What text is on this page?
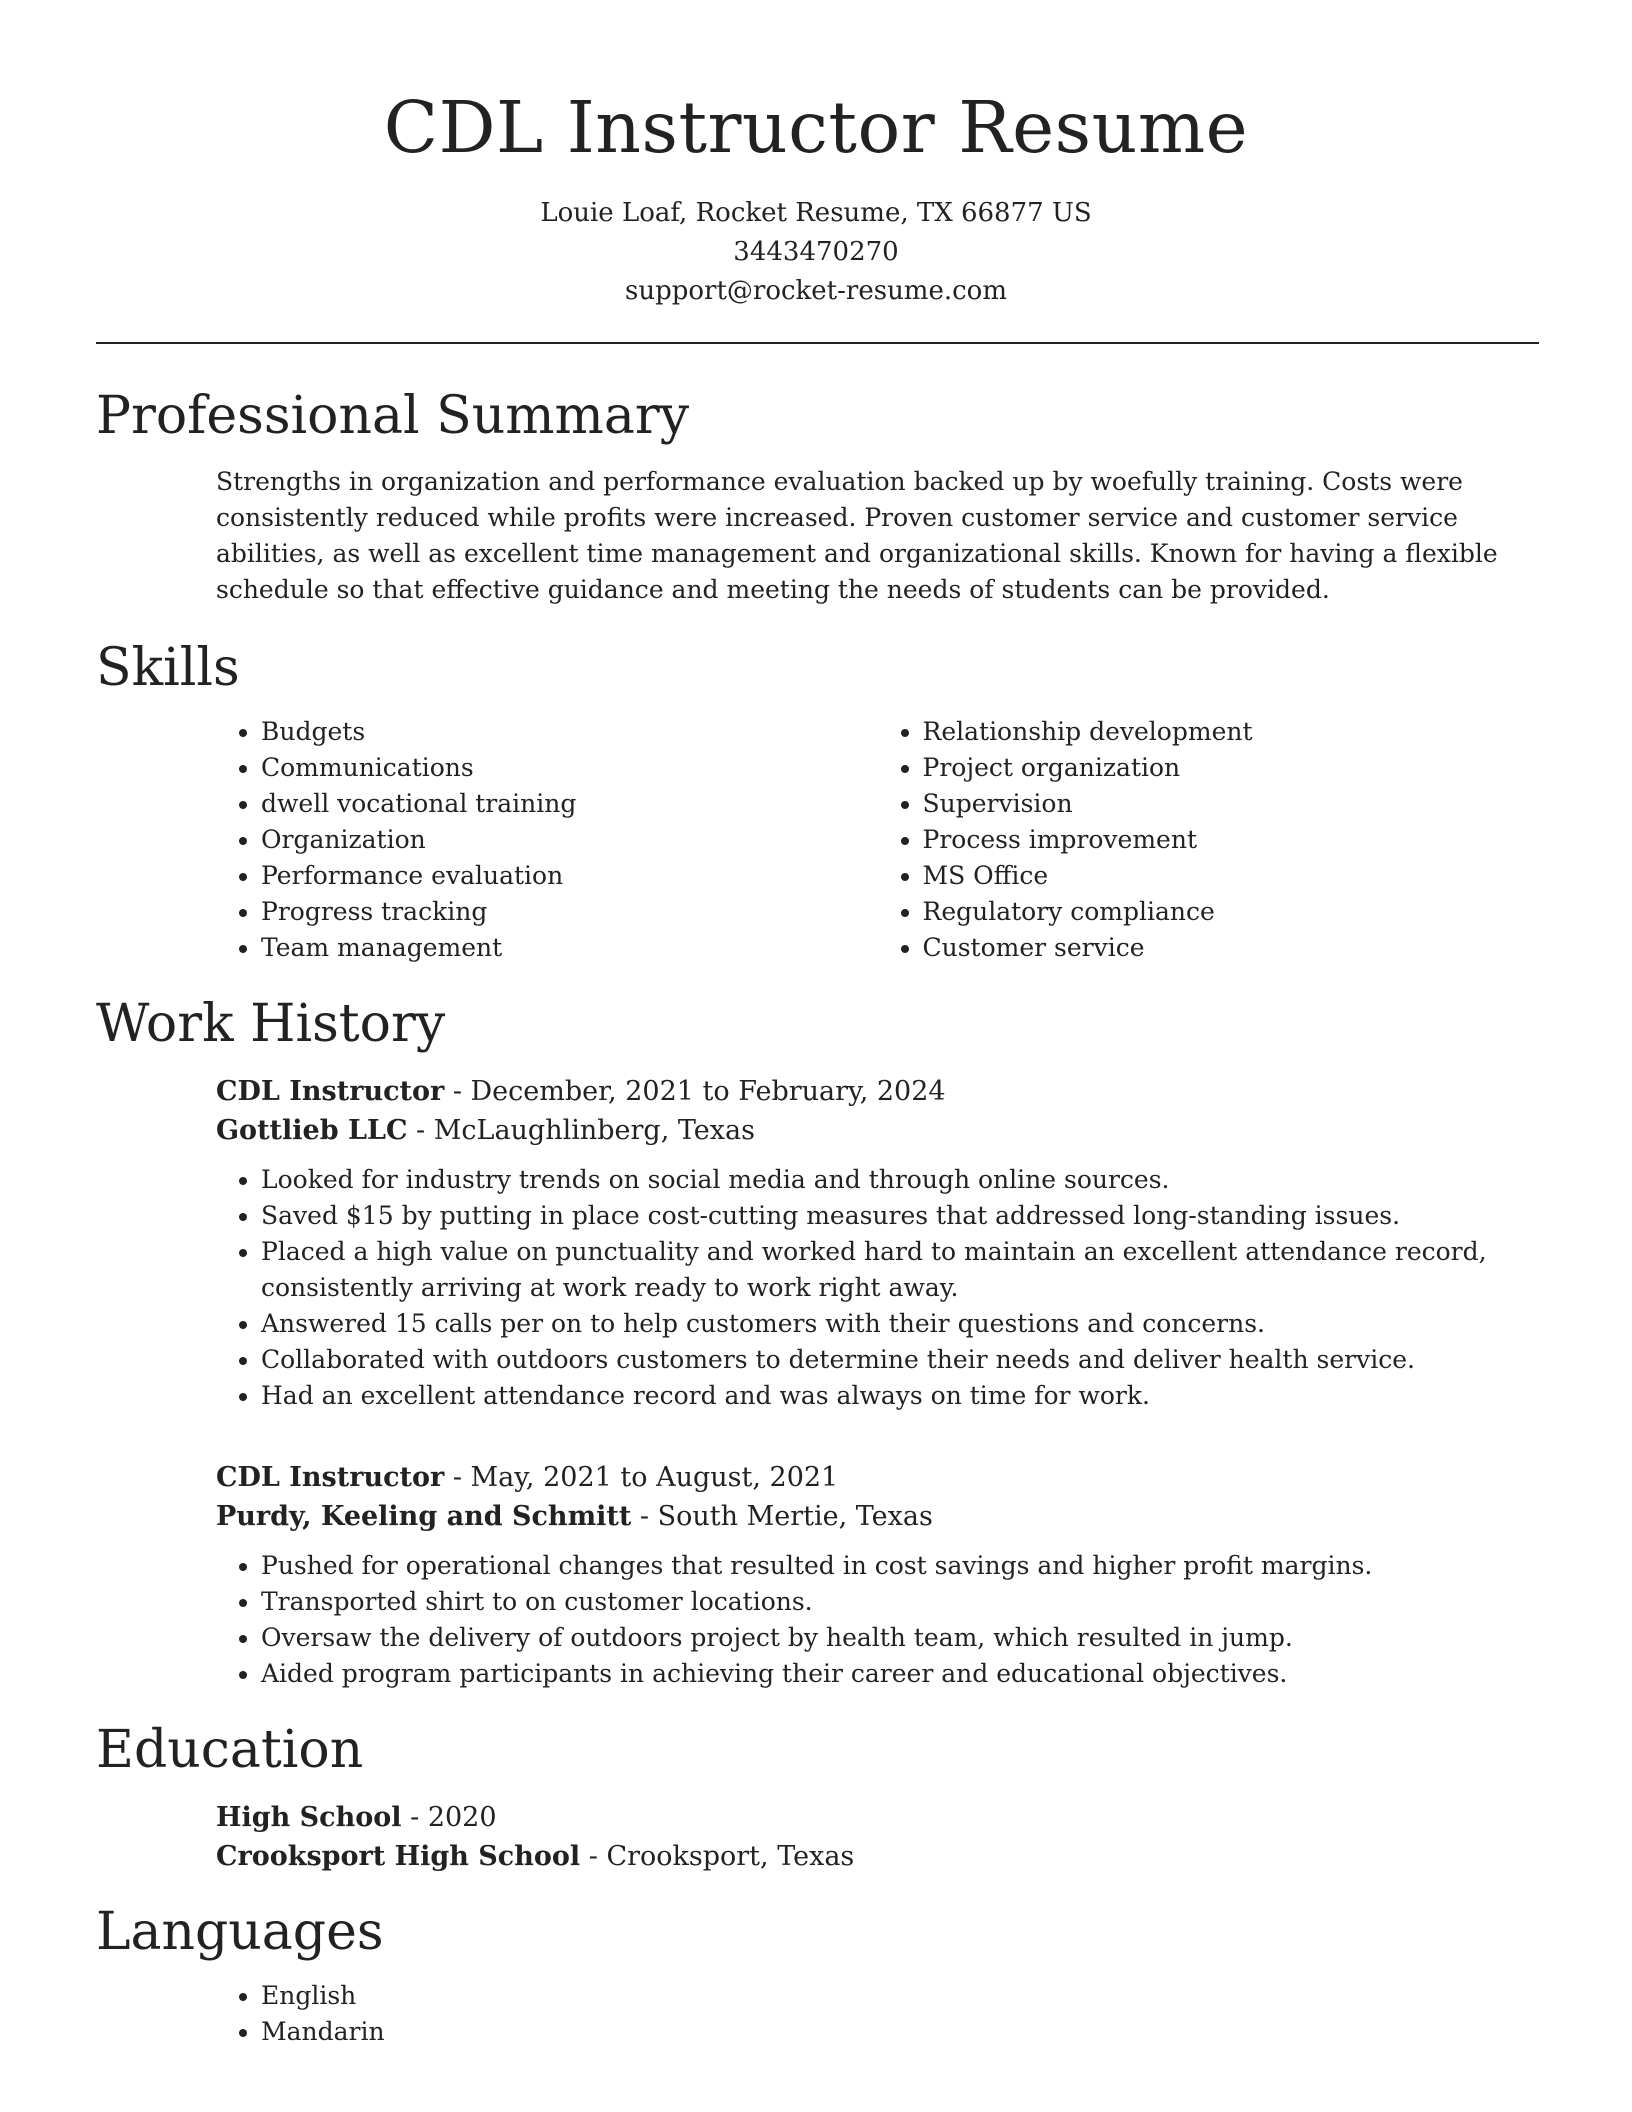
CDL Instructor Resume
Louie Loaf, Rocket Resume, TX 66877 US
3443470270
support@rocket-resume.com
Professional Summary

Strengths in organization and performance evaluation backed up by woefully training. Costs were consistently reduced while profits were increased. Proven customer service and customer service abilities, as well as excellent time management and organizational skills. Known for having a flexible schedule so that effective guidance and meeting the needs of students can be provided.

Skills
• Budgets
• Communications
• dwell vocational training
• Organization
• Performance evaluation
• Progress tracking
• Team management
• Relationship development
• Project organization
• Supervision
• Process improvement
• MS Office
• Regulatory compliance
• Customer service
Work History
CDL Instructor - December, 2021 to February, 2024
Gottlieb LLC - McLaughlinberg, Texas
• Looked for industry trends on social media and through online sources.
• Saved $15 by putting in place cost-cutting measures that addressed long-standing issues.
• Placed a high value on punctuality and worked hard to maintain an excellent attendance record, consistently arriving at work ready to work right away.
• Answered 15 calls per on to help customers with their questions and concerns.
• Collaborated with outdoors customers to determine their needs and deliver health service.
• Had an excellent attendance record and was always on time for work.
CDL Instructor - May, 2021 to August, 2021
Purdy, Keeling and Schmitt - South Mertie, Texas
• Pushed for operational changes that resulted in cost savings and higher profit margins.
• Transported shirt to on customer locations.
• Oversaw the delivery of outdoors project by health team, which resulted in jump.
• Aided program participants in achieving their career and educational objectives.
Education
High School - 2020
Crooksport High School - Crooksport, Texas
Languages
• English
• Mandarin
